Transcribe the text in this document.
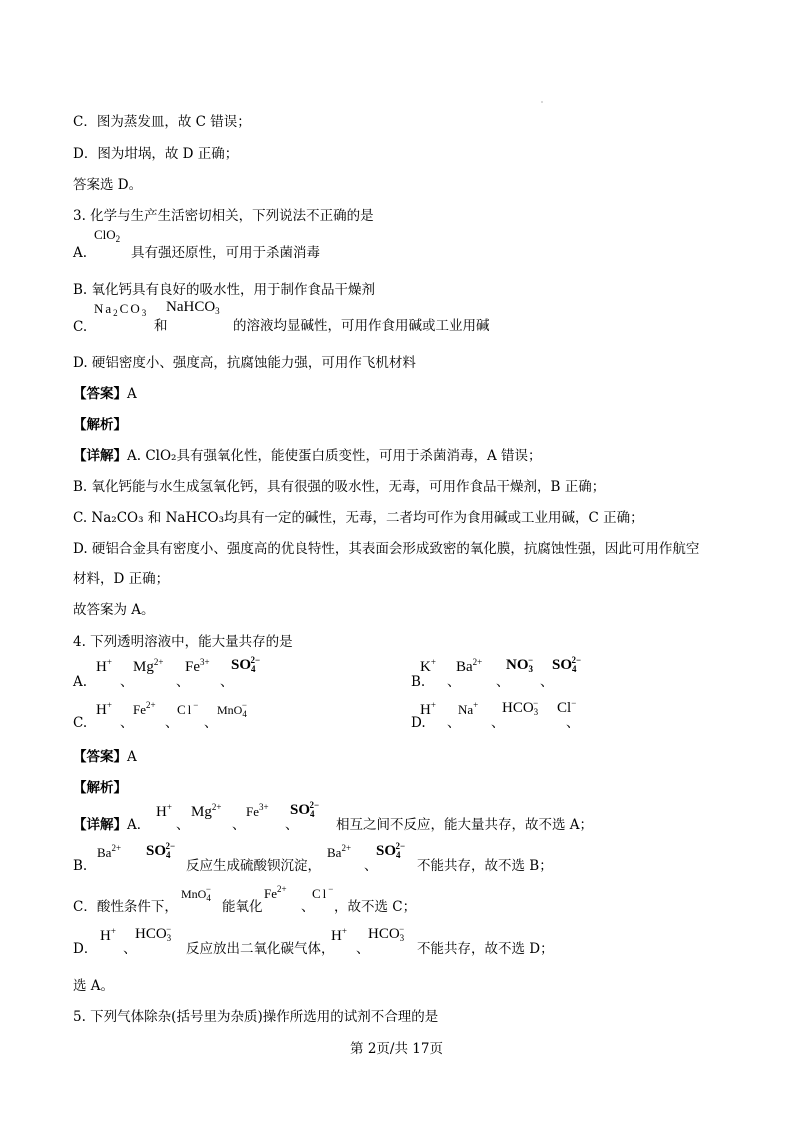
C．图为蒸发皿，故 C 错误；
D．图为坩埚，故 D 正确；
答案选 D。
3. 化学与生产生活密切相关，下列说法不正确的是
ClO$_2$
A.	具有强还原性，可用于杀菌消毒
B. 氧化钙具有良好的吸水性，用于制作食品干燥剂
$Na_2CO_3$ NaHCO$_3$
C.	和	的溶液均显碱性，可用作食用碱或工业用碱
D. 硬铝密度小、强度高，抗腐蚀能力强，可用作飞机材料
【答案】A
【解析】
【详解】A. ClO₂具有强氧化性，能使蛋白质变性，可用于杀菌消毒，A 错误；
B. 氧化钙能与水生成氢氧化钙，具有很强的吸水性，无毒，可用作食品干燥剂，B 正确；
C. Na₂CO₃ 和 NaHCO₃均具有一定的碱性，无毒，二者均可作为食用碱或工业用碱，C 正确；
D. 硬铝合金具有密度小、强度高的优良特性，其表面会形成致密的氧化膜，抗腐蚀性强，因此可用作航空
材料，D 正确；
故答案为 A。
4. 下列透明溶液中，能大量共存的是
H+ $Mg^{2+}$ $Fe^{3+}$ $SO_4^{2-}$
A. 、	、 、
K+ $Ba^{2+}$ $NO_3^-$ $SO_4^{2-}$
B. 、	、 、
H+ $Fe^{2+}$ Cl− MnO$_4$−
C. 、 、 、
H+ Na+ $HCO_3^-$ Cl−
D. 、 、	、
【答案】A
【解析】
H+ $Mg^{2+}$ $Fe^{3+}$ $SO_4^{2-}$
【详解】A． 、	、	、	相互之间不反应，能大量共存，故不选 A；
$Ba^{2+}$ $SO_4^{2-}$	$Ba^{2+}$ $SO_4^{2-}$
B.	反应生成硫酸钡沉淀，	、	不能共存，故不选 B；
MnO$_4$−	$Fe^{2+}$ Cl−
C．酸性条件下，	能氧化	、 ，故不选 C；
H+ $HCO_3^-$	H+ $HCO_3^-$
D． 、	反应放出二氧化碳气体， 、	不能共存，故不选 D；
选 A。
5. 下列气体除杂(括号里为杂质)操作所选用的试剂不合理的是
第 2页/共 17页
